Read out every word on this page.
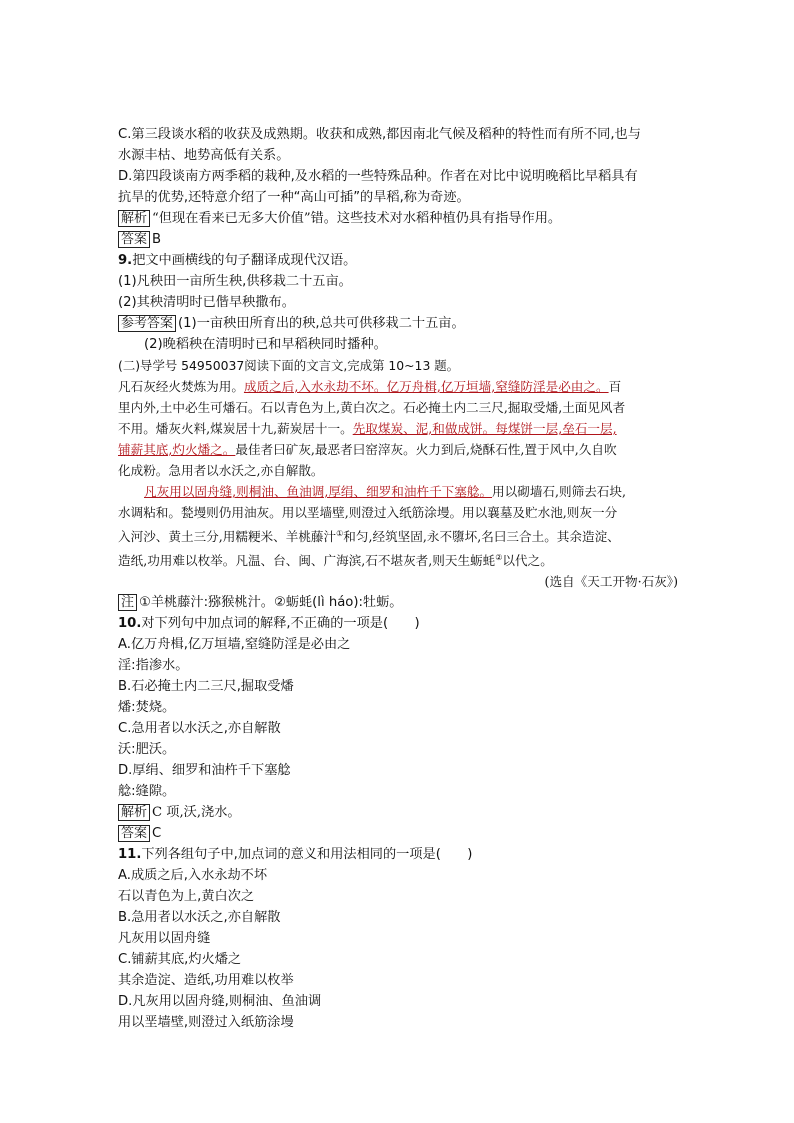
C.第三段谈水稻的收获及成熟期。收获和成熟,都因南北气候及稻种的特性而有所不同,也与
水源丰枯、地势高低有关系。
D.第四段谈南方两季稻的栽种,及水稻的一些特殊品种。作者在对比中说明晚稻比早稻具有
抗旱的优势,还特意介绍了一种“高山可插”的旱稻,称为奇迹。
解析 “但现在看来已无多大价值”错。这些技术对水稻种植仍具有指导作用。
答案 B
9.把文中画横线的句子翻译成现代汉语。
(1)凡秧田一亩所生秧,供移栽二十五亩。
(2)其秧清明时已偕早秧撒布。
参考答案 (1)一亩秧田所育出的秧,总共可供移栽二十五亩。
(2)晚稻秧在清明时已和早稻秧同时播种。
(二)导学号 54950037阅读下面的文言文,完成第 10~13 题。
凡石灰经火焚炼为用。成质之后,入水永劫不坏。亿万舟楫,亿万垣墙,窒缝防淫是必由之。百
里内外,土中必生可燔石。石以青色为上,黄白次之。石必掩土内二三尺,掘取受燔,土面见风者
不用。燔灰火料,煤炭居十九,薪炭居十一。先取煤炭、泥,和做成饼。每煤饼一层,垒石一层,
铺薪其底,灼火燔之。最佳者曰矿灰,最恶者曰窑滓灰。火力到后,烧酥石性,置于风中,久自吹
化成粉。急用者以水沃之,亦自解散。
凡灰用以固舟缝,则桐油、鱼油调,厚绢、细罗和油杵千下塞艌。用以砌墙石,则筛去石块,
水调粘和。甃墁则仍用油灰。用以垩墙壁,则澄过入纸筋涂墁。用以襄墓及贮水池,则灰一分
入河沙、黄土三分,用糯粳米、羊桃藤汁①和匀,经筑坚固,永不隳坏,名曰三合土。其余造淀、
造纸,功用难以枚举。凡温、台、闽、广海滨,石不堪灰者,则天生蛎蚝②以代之。
(选自《天工开物·石灰》)
注 ①羊桃藤汁:猕猴桃汁。②蛎蚝(lì háo):牡蛎。
10.对下列句中加点词的解释,不正确的一项是(　　)
A.亿万舟楫,亿万垣墙,窒缝防淫是必由之
淫:指渗水。
B.石必掩土内二三尺,掘取受燔
燔:焚烧。
C.急用者以水沃之,亦自解散
沃:肥沃。
D.厚绢、细罗和油杵千下塞艌
艌:缝隙。
解析 C 项,沃,浇水。
答案 C
11.下列各组句子中,加点词的意义和用法相同的一项是(　　)
A.成质之后,入水永劫不坏
石以青色为上,黄白次之
B.急用者以水沃之,亦自解散
凡灰用以固舟缝
C.铺薪其底,灼火燔之
其余造淀、造纸,功用难以枚举
D.凡灰用以固舟缝,则桐油、鱼油调
用以垩墙壁,则澄过入纸筋涂墁
